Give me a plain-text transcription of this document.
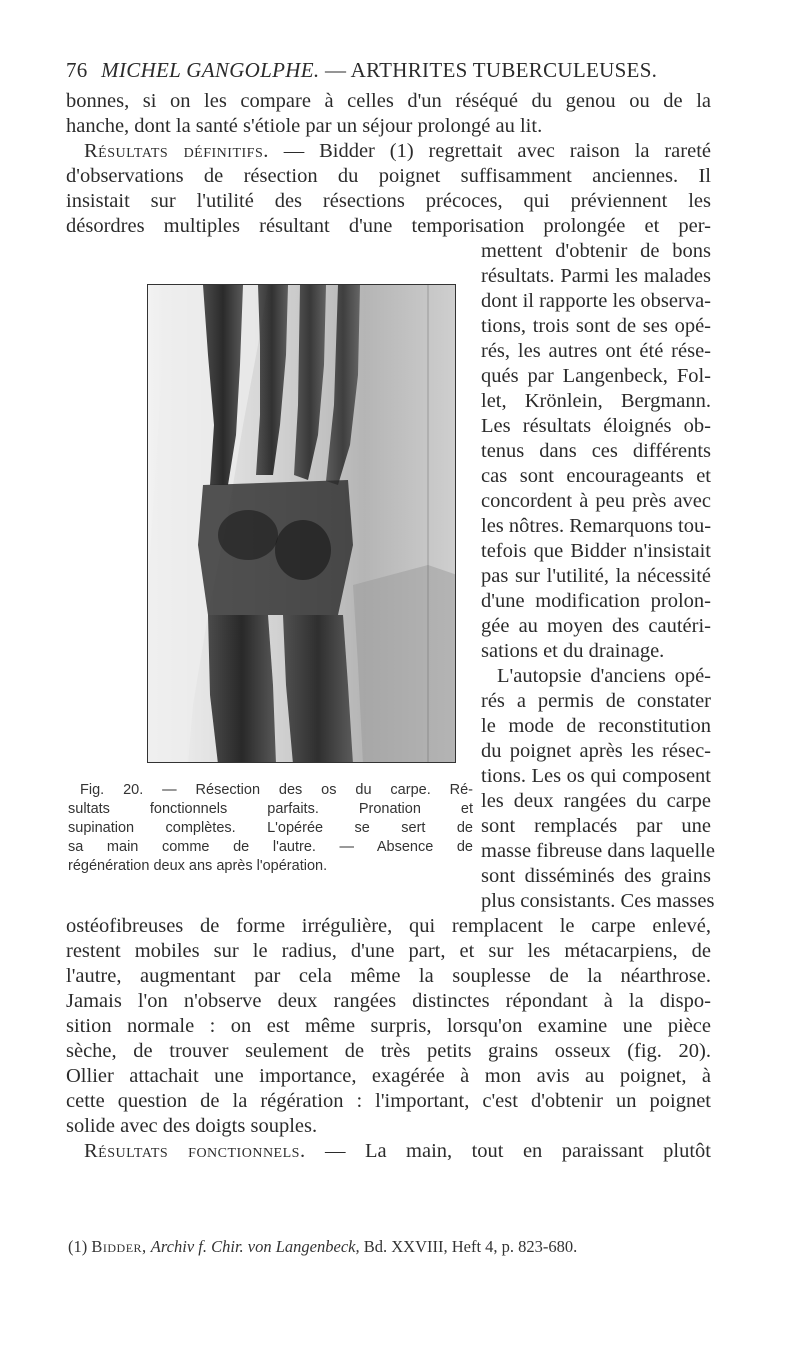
76 MICHEL GANGOLPHE. — ARTHRITES TUBERCULEUSES.
bonnes, si on les compare à celles d'un réséqué du genou ou de la
hanche, dont la santé s'étiole par un séjour prolongé au lit.
Résultats définitifs. — Bidder (1) regrettait avec raison la rareté
d'observations de résection du poignet suffisamment anciennes. Il
insistait sur l'utilité des résections précoces, qui préviennent les
désordres multiples résultant d'une temporisation prolongée et per-
mettent d'obtenir de bons
résultats. Parmi les malades
dont il rapporte les observa-
tions, trois sont de ses opé-
rés, les autres ont été rése-
qués par Langenbeck, Fol-
let, Krönlein, Bergmann.
Les résultats éloignés ob-
tenus dans ces différents
cas sont encourageants et
concordent à peu près avec
les nôtres. Remarquons tou-
tefois que Bidder n'insistait
pas sur l'utilité, la nécessité
d'une modification prolon-
gée au moyen des cautéri-
sations et du drainage.
L'autopsie d'anciens opé-
rés a permis de constater
le mode de reconstitution
du poignet après les résec-
tions. Les os qui composent
les deux rangées du carpe
sont remplacés par une
masse fibreuse dans laquelle
sont disséminés des grains
plus consistants. Ces masses
Fig. 20. — Résection des os du carpe. Ré-
sultats fonctionnels parfaits. Pronation et
supination complètes. L'opérée se sert de
sa main comme de l'autre. — Absence de
régénération deux ans après l'opération.
ostéofibreuses de forme irrégulière, qui remplacent le carpe enlevé,
restent mobiles sur le radius, d'une part, et sur les métacarpiens, de
l'autre, augmentant par cela même la souplesse de la néarthrose.
Jamais l'on n'observe deux rangées distinctes répondant à la dispo-
sition normale : on est même surpris, lorsqu'on examine une pièce
sèche, de trouver seulement de très petits grains osseux (fig. 20).
Ollier attachait une importance, exagérée à mon avis au poignet, à
cette question de la régération : l'important, c'est d'obtenir un poignet
solide avec des doigts souples.
Résultats fonctionnels. — La main, tout en paraissant plutôt
(1) Bidder, Archiv f. Chir. von Langenbeck, Bd. XXVIII, Heft 4, p. 823-680.
